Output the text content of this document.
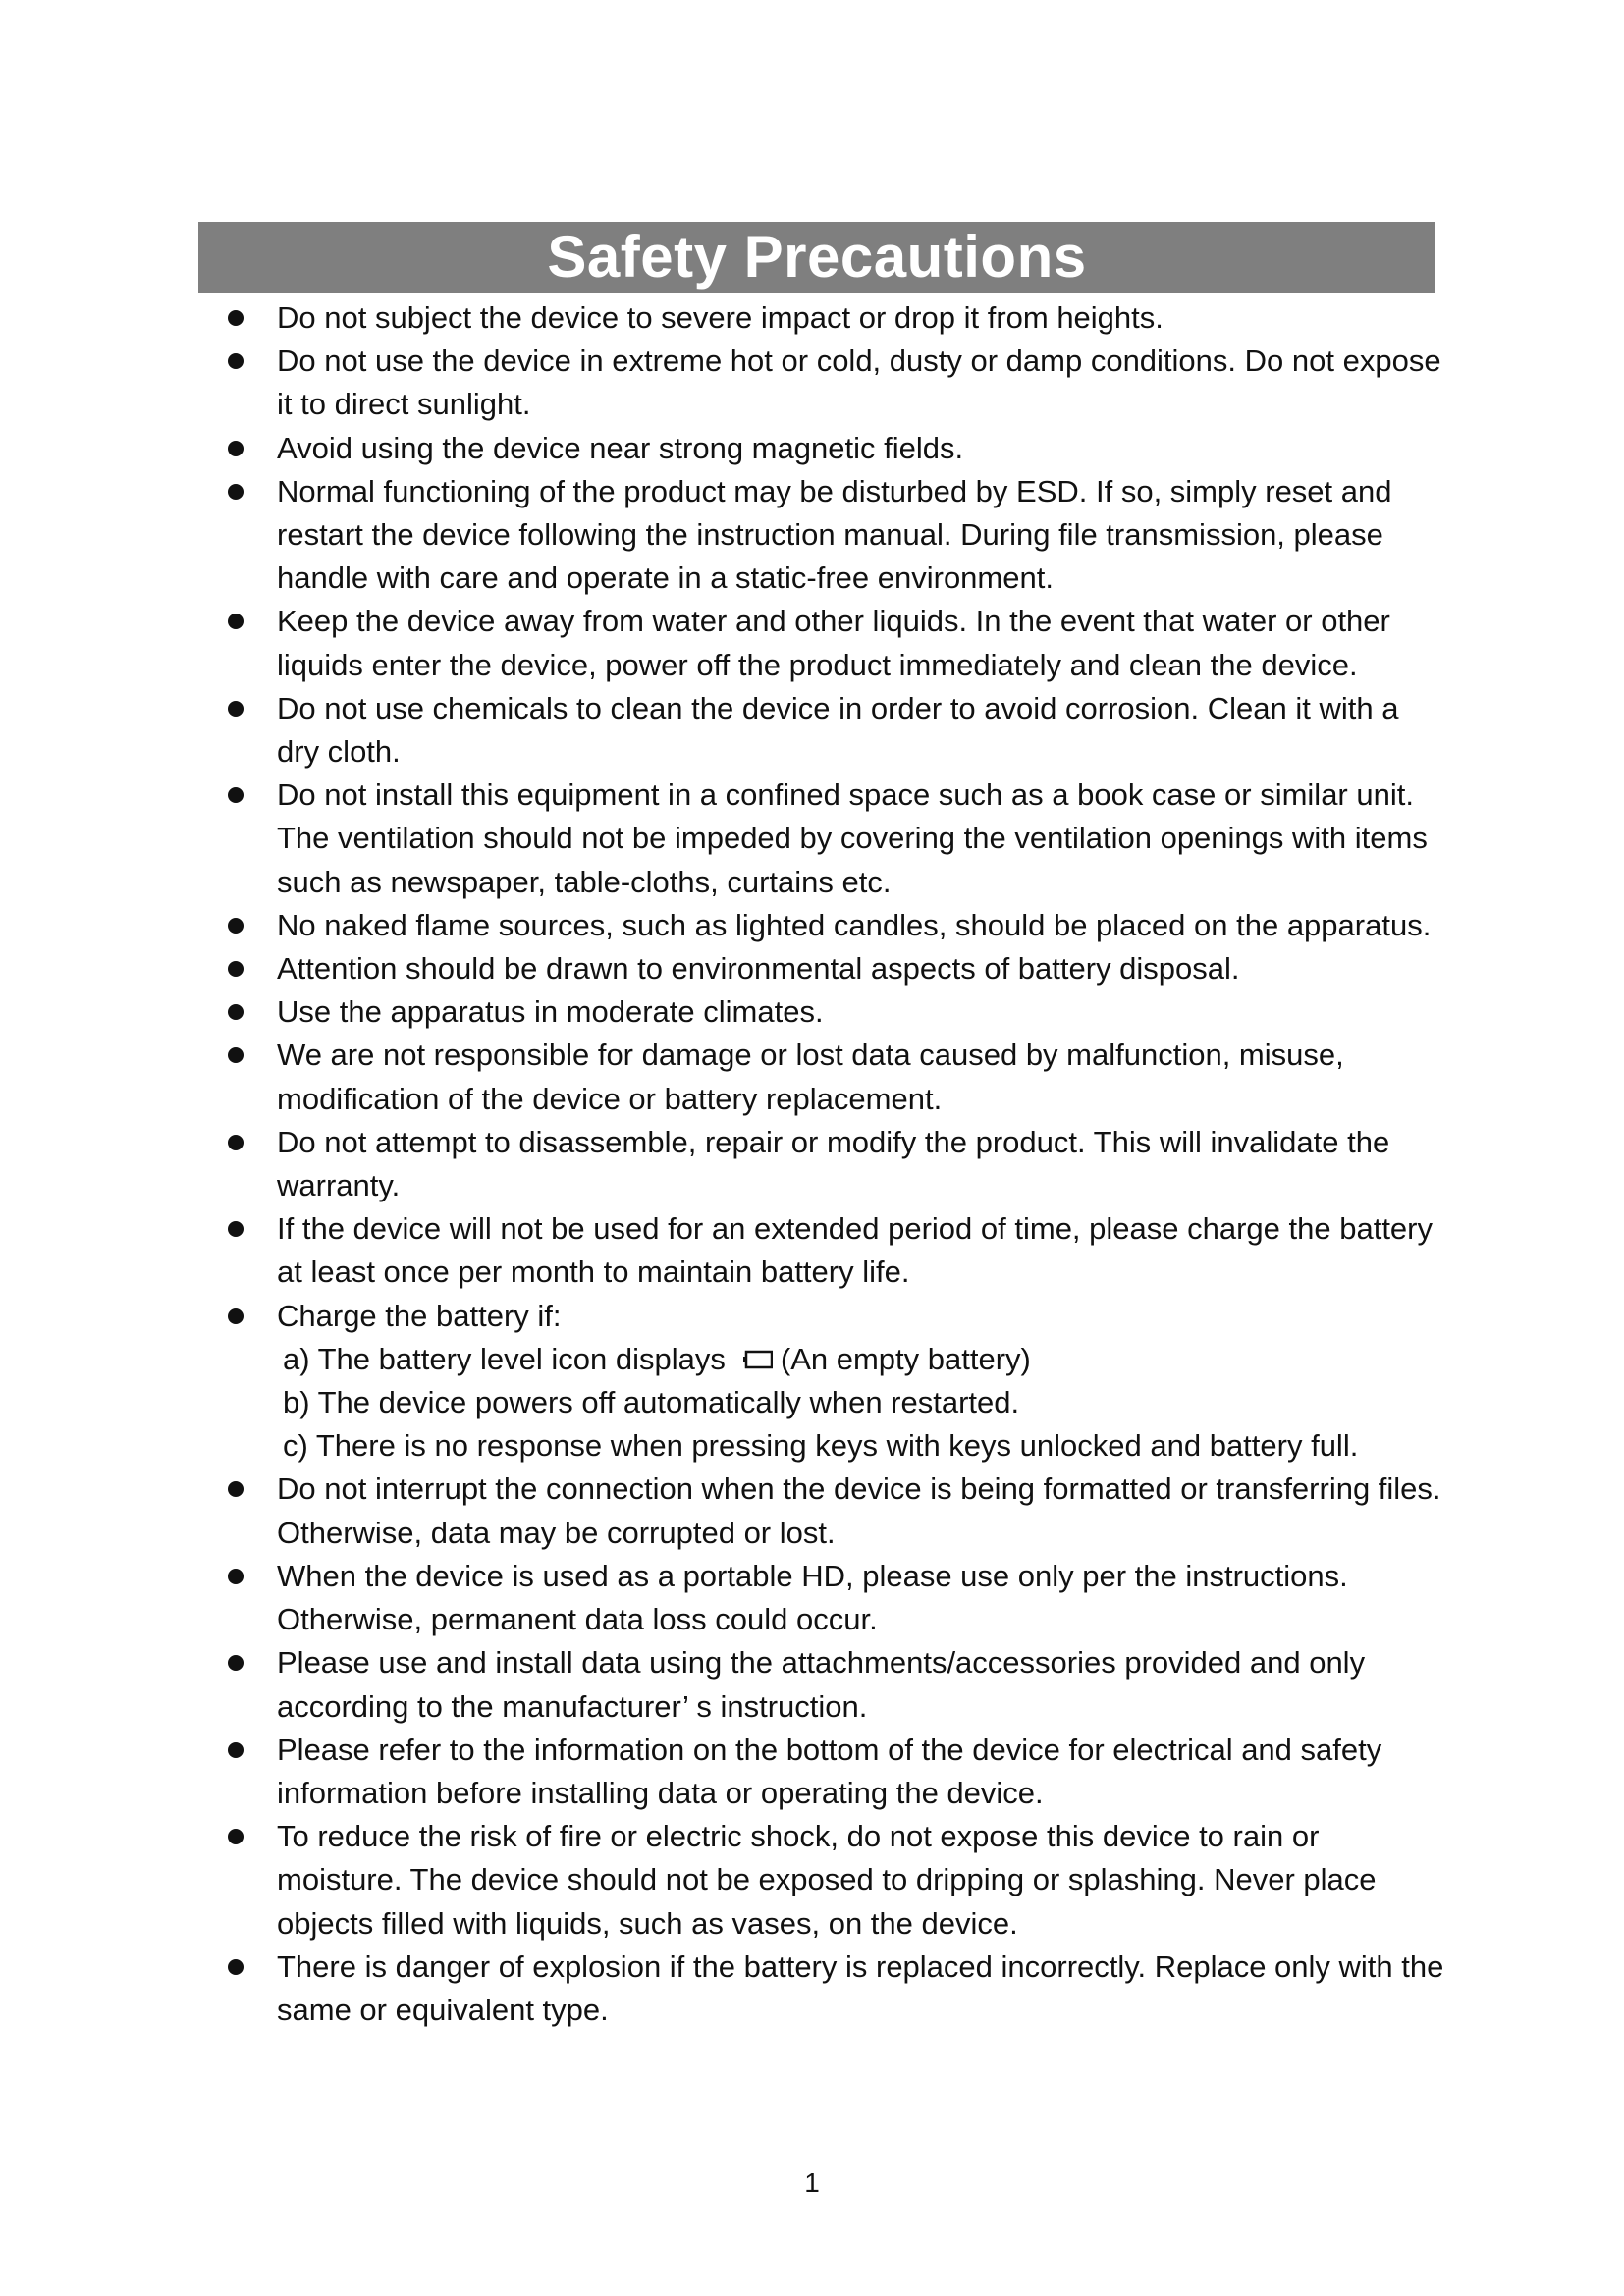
Safety Precautions
Do not subject the device to severe impact or drop it from heights.
Do not use the device in extreme hot or cold, dusty or damp conditions. Do not expose it to direct sunlight.
Avoid using the device near strong magnetic fields.
Normal functioning of the product may be disturbed by ESD. If so, simply reset and restart the device following the instruction manual. During file transmission, please handle with care and operate in a static-free environment.
Keep the device away from water and other liquids. In the event that water or other liquids enter the device, power off the product immediately and clean the device.
Do not use chemicals to clean the device in order to avoid corrosion. Clean it with a dry cloth.
Do not install this equipment in a confined space such as a book case or similar unit. The ventilation should not be impeded by covering the ventilation openings with items such as newspaper, table-cloths, curtains etc.
No naked flame sources, such as lighted candles, should be placed on the apparatus.
Attention should be drawn to environmental aspects of battery disposal.
Use the apparatus in moderate climates.
We are not responsible for damage or lost data caused by malfunction, misuse, modification of the device or battery replacement.
Do not attempt to disassemble, repair or modify the product. This will invalidate the warranty.
If the device will not be used for an extended period of time, please charge the battery at least once per month to maintain battery life.
Charge the battery if:
a) The battery level icon displays (An empty battery)
b) The device powers off automatically when restarted.
c) There is no response when pressing keys with keys unlocked and battery full.
Do not interrupt the connection when the device is being formatted or transferring files. Otherwise, data may be corrupted or lost.
When the device is used as a portable HD, please use only per the instructions. Otherwise, permanent data loss could occur.
Please use and install data using the attachments/accessories provided and only according to the manufacturer’ s instruction.
Please refer to the information on the bottom of the device for electrical and safety information before installing data or operating the device.
To reduce the risk of fire or electric shock, do not expose this device to rain or moisture. The device should not be exposed to dripping or splashing. Never place objects filled with liquids, such as vases, on the device.
There is danger of explosion if the battery is replaced incorrectly. Replace only with the same or equivalent type.
1
